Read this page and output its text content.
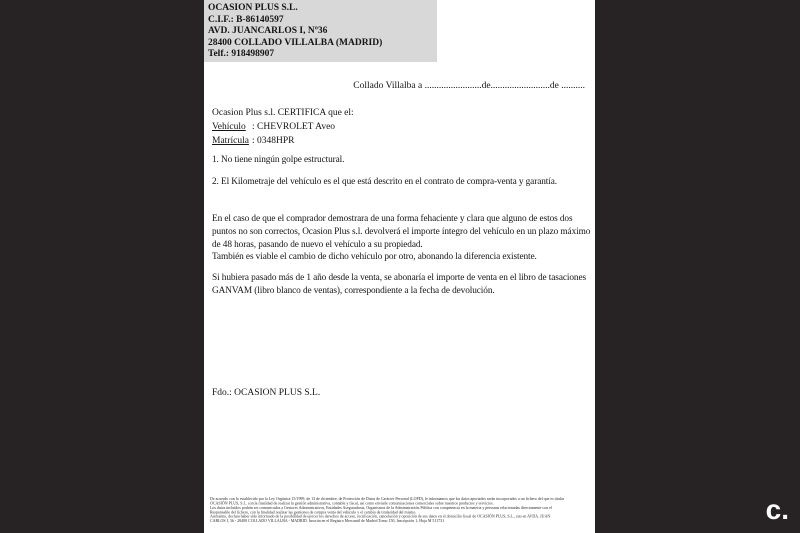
OCASION PLUS S.L.
C.I.F.: B-86140597
AVD. JUANCARLOS I, Nº36
28400 COLLADO VILLALBA (MADRID)
Telf.: 918498907
Collado Villalba a ........................de.........................de ..........
Ocasion Plus s.l. CERTIFICA que el:
Vehículo : CHEVROLET Aveo
Matrícula : 0348HPR
1. No tiene ningún golpe estructural.
2. El Kilometraje del vehículo es el que está descrito en el contrato de compra-venta y garantía.

En el caso de que el comprador demostrara de una forma fehaciente y clara que alguno de estos dos puntos no son correctos, Ocasion Plus s.l. devolverá el importe íntegro del vehículo en un plazo máximo de 48 horas, pasando de nuevo el vehículo a su propiedad.

También es viable el cambio de dicho vehículo por otro, abonando la diferencia existente.

Si hubiera pasado más de 1 año desde la venta, se abonaría el importe de venta en el libro de tasaciones GANVAM (libro blanco de ventas), correspondiente a la fecha de devolución.

Fdo.: OCASION PLUS S.L.
De acuerdo con lo establecido por la Ley Orgánica 15/1999, de 13 de diciembre, de Protección de Datos de Carácter Personal (LOPD), le informamos que los datos aportados serán incorporados a un fichero del que es titular
OCASIÓN PLUS, S.L. con la finalidad de realizar la gestión administrativa, contable y fiscal, así como enviarle comunicaciones comerciales sobre nuestros productos y servicios.
Los datos incluidos podrán ser comunicados a Gestores Administrativos, Entidades Aseguradoras, Organismos de la Administración Pública con competencia en la materia y personas relacionadas directamente con el
Responsable del fichero, con la finalidad realizar las gestiones de compra venta del vehículo y el cambio de titularidad del mismo.
Asimismo, declara haber sido informado de la posibilidad de ejercer los derechos de acceso, rectificación, cancelación y oposición de sus datos en el domicilio fiscal de OCASIÓN PLUS, S.L., sito en AVDA. JUAN
CARLOS I, 36 - 28400 COLLADO VILLALBA - MADRID. Inscrita en el Registro Mercantil de Madrid Tomo 150, Inscripción 1, Hoja M 511731	c.
